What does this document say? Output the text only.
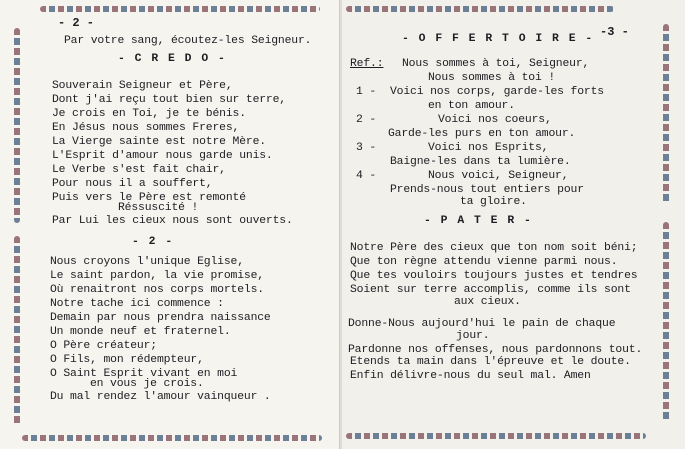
- 2 -
Par votre sang, écoutez-les Seigneur.
- C R E D O -
Souverain Seigneur et Père,
Dont j'ai reçu tout bien sur terre,
Je crois en Toi, je te bénis.
En Jésus nous sommes Freres,
La Vierge sainte est notre Mère.
L'Esprit d'amour nous garde unis.
Le Verbe s'est fait chair,
Pour nous il a souffert,
Puis vers le Père est remonté
Réssuscité !
Par Lui les cieux nous sont ouverts.
- 2 -
Nous croyons l'unique Eglise,
Le saint pardon, la vie promise,
Où renaitront nos corps mortels.
Notre tache ici commence :
Demain par nous prendra naissance
Un monde neuf et fraternel.
O Père créateur;
O Fils, mon rédempteur,
O Saint Esprit vivant en moi
en vous je crois.
Du mal rendez l'amour vainqueur .
-3 -
- O F F E R T O I R E -
Ref.: Nous sommes à toi, Seigneur,
Nous sommes à toi !
1 - Voici nos corps, garde-les forts
en ton amour.
2 -	Voici nos coeurs,
Garde-les purs en ton amour.
3 -	Voici nos Esprits,
Baigne-les dans ta lumière.
4 -	Nous voici, Seigneur,
Prends-nous tout entiers pour
ta gloire.
- P A T E R -
Notre Père des cieux que ton nom soit béni;
Que ton règne attendu vienne parmi nous.
Que tes vouloirs toujours justes et tendres
Soient sur terre accomplis, comme ils sont
aux cieux.
Donne-Nous aujourd'hui le pain de chaque
jour.
Pardonne nos offenses, nous pardonnons tout.
Etends ta main dans l'épreuve et le doute.
Enfin délivre-nous du seul mal. Amen
